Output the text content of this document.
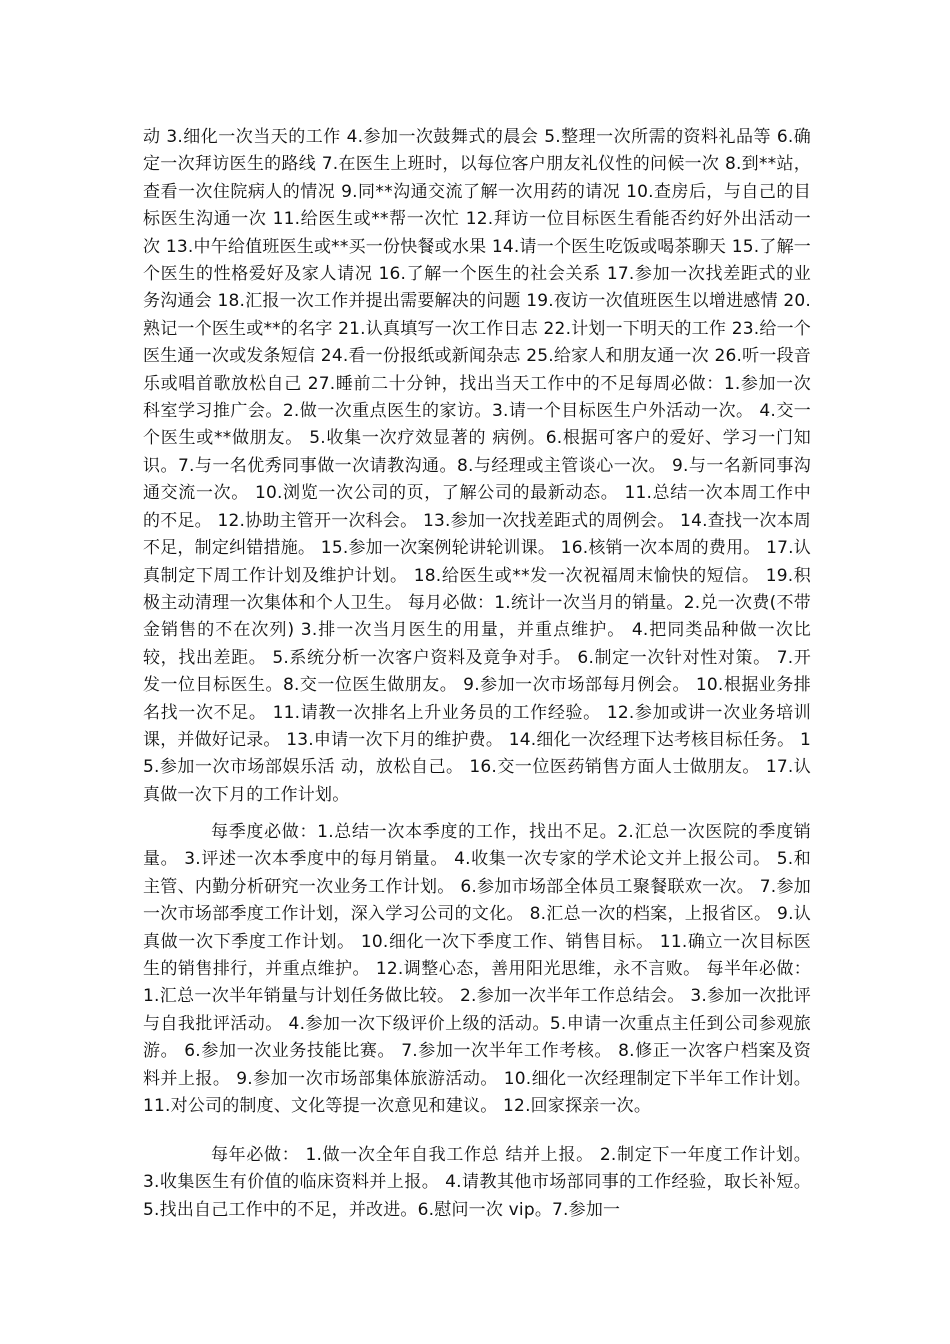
动 3.细化一次当天的工作 4.参加一次鼓舞式的晨会 5.整理一次所需的资料礼品等 6.确定一次拜访医生的路线 7.在医生上班时，以每位客户朋友礼仪性的问候一次 8.到**站，查看一次住院病人的情况 9.同**沟通交流了解一次用药的请况 10.查房后，与自己的目标医生沟通一次 11.给医生或**帮一次忙 12.拜访一位目标医生看能否约好外出活动一次 13.中午给值班医生或**买一份快餐或水果 14.请一个医生吃饭或喝茶聊天 15.了解一个医生的性格爱好及家人请况 16.了解一个医生的社会关系 17.参加一次找差距式的业务沟通会 18.汇报一次工作并提出需要解决的问题 19.夜访一次值班医生以增进感情 20.熟记一个医生或**的名字 21.认真填写一次工作日志 22.计划一下明天的工作 23.给一个医生通一次或发条短信 24.看一份报纸或新闻杂志 25.给家人和朋友通一次 26.听一段音乐或唱首歌放松自己 27.睡前二十分钟，找出当天工作中的不足每周必做：1.参加一次科室学习推广会。2.做一次重点医生的家访。3.请一个目标医生户外活动一次。 4.交一个医生或**做朋友。 5.收集一次疗效显著的 病例。6.根据可客户的爱好、学习一门知识。7.与一名优秀同事做一次请教沟通。8.与经理或主管谈心一次。 9.与一名新同事沟通交流一次。 10.浏览一次公司的页，了解公司的最新动态。 11.总结一次本周工作中的不足。 12.协助主管开一次科会。 13.参加一次找差距式的周例会。 14.查找一次本周不足，制定纠错措施。 15.参加一次案例轮讲轮训课。 16.核销一次本周的费用。 17.认真制定下周工作计划及维护计划。 18.给医生或**发一次祝福周末愉快的短信。 19.积极主动清理一次集体和个人卫生。 每月必做：1.统计一次当月的销量。2.兑一次费(不带金销售的不在次列) 3.排一次当月医生的用量，并重点维护。 4.把同类品种做一次比较，找出差距。 5.系统分析一次客户资料及竟争对手。 6.制定一次针对性对策。 7.开发一位目标医生。8.交一位医生做朋友。 9.参加一次市场部每月例会。 10.根据业务排名找一次不足。 11.请教一次排名上升业务员的工作经验。 12.参加或讲一次业务培训课，并做好记录。 13.申请一次下月的维护费。 14.细化一次经理下达考核目标任务。 15.参加一次市场部娱乐活 动，放松自己。 16.交一位医药销售方面人士做朋友。 17.认真做一次下月的工作计划。
每季度必做：1.总结一次本季度的工作，找出不足。2.汇总一次医院的季度销量。 3.评述一次本季度中的每月销量。 4.收集一次专家的学术论文并上报公司。 5.和主管、内勤分析研究一次业务工作计划。 6.参加市场部全体员工聚餐联欢一次。 7.参加一次市场部季度工作计划，深入学习公司的文化。 8.汇总一次的档案，上报省区。 9.认真做一次下季度工作计划。 10.细化一次下季度工作、销售目标。 11.确立一次目标医生的销售排行，并重点维护。 12.调整心态，善用阳光思维，永不言败。 每半年必做： 1.汇总一次半年销量与计划任务做比较。 2.参加一次半年工作总结会。 3.参加一次批评与自我批评活动。 4.参加一次下级评价上级的活动。5.申请一次重点主任到公司参观旅游。 6.参加一次业务技能比赛。 7.参加一次半年工作考核。 8.修正一次客户档案及资料并上报。 9.参加一次市场部集体旅游活动。 10.细化一次经理制定下半年工作计划。 11.对公司的制度、文化等提一次意见和建议。 12.回家探亲一次。
每年必做： 1.做一次全年自我工作总 结并上报。 2.制定下一年度工作计划。 3.收集医生有价值的临床资料并上报。 4.请教其他市场部同事的工作经验，取长补短。5.找出自己工作中的不足，并改进。6.慰问一次 vip。7.参加一
